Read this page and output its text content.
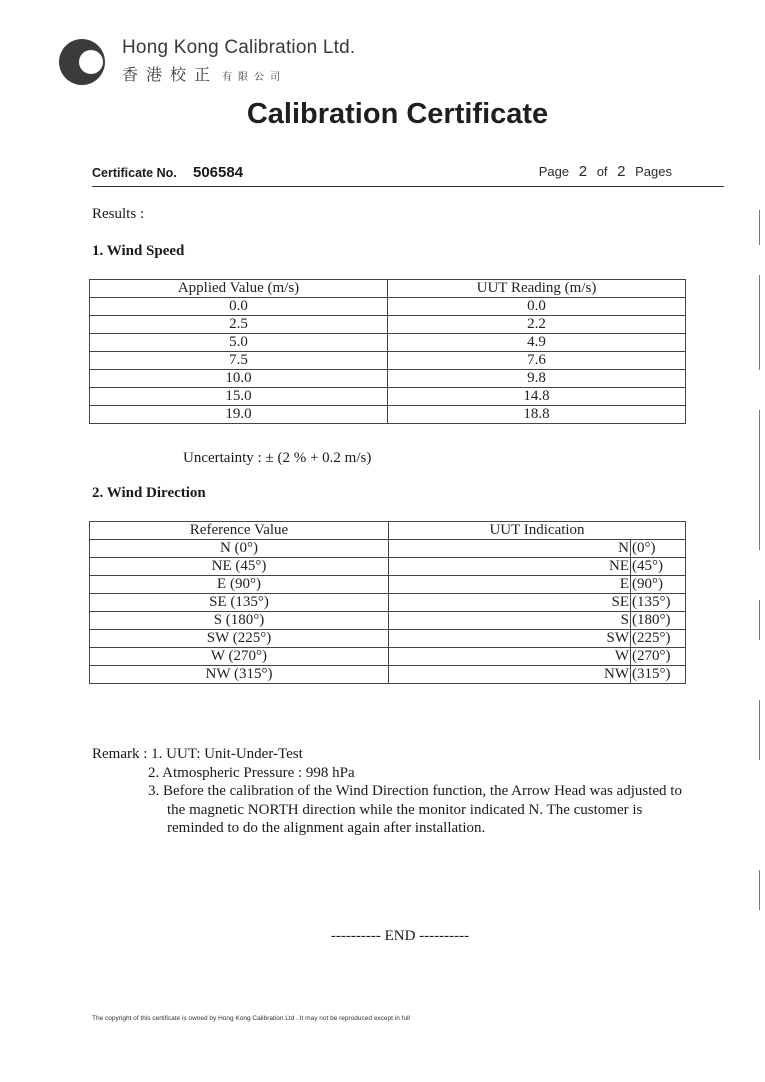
Hong Kong Calibration Ltd.
香港校正 有限公司
Calibration Certificate
Certificate No. 506584	Page 2 of 2 Pages
Results :
1. Wind Speed
Applied Value (m/s)	UUT Reading (m/s)
0.0	0.0
2.5	2.2
5.0	4.9
7.5	7.6
10.0	9.8
15.0	14.8
19.0	18.8
Uncertainty : ± (2 % + 0.2 m/s)
2. Wind Direction
Reference Value	UUT Indication	
N (0°)	N	(0°)
NE (45°)	NE	(45°)
E (90°)	E	(90°)
SE (135°)	SE	(135°)
S (180°)	S	(180°)
SW (225°)	SW	(225°)
W (270°)	W	(270°)
NW (315°)	NW	(315°)
Remark : 1. UUT: Unit-Under-Test
2. Atmospheric Pressure : 998 hPa
3. Before the calibration of the Wind Direction function, the Arrow Head was adjusted to
the magnetic NORTH direction while the monitor indicated N. The customer is
reminded to do the alignment again after installation.
---------- END ----------
The copyright of this certificate is owned by Hong Kong Calibration Ltd . It may not be reproduced except in full
